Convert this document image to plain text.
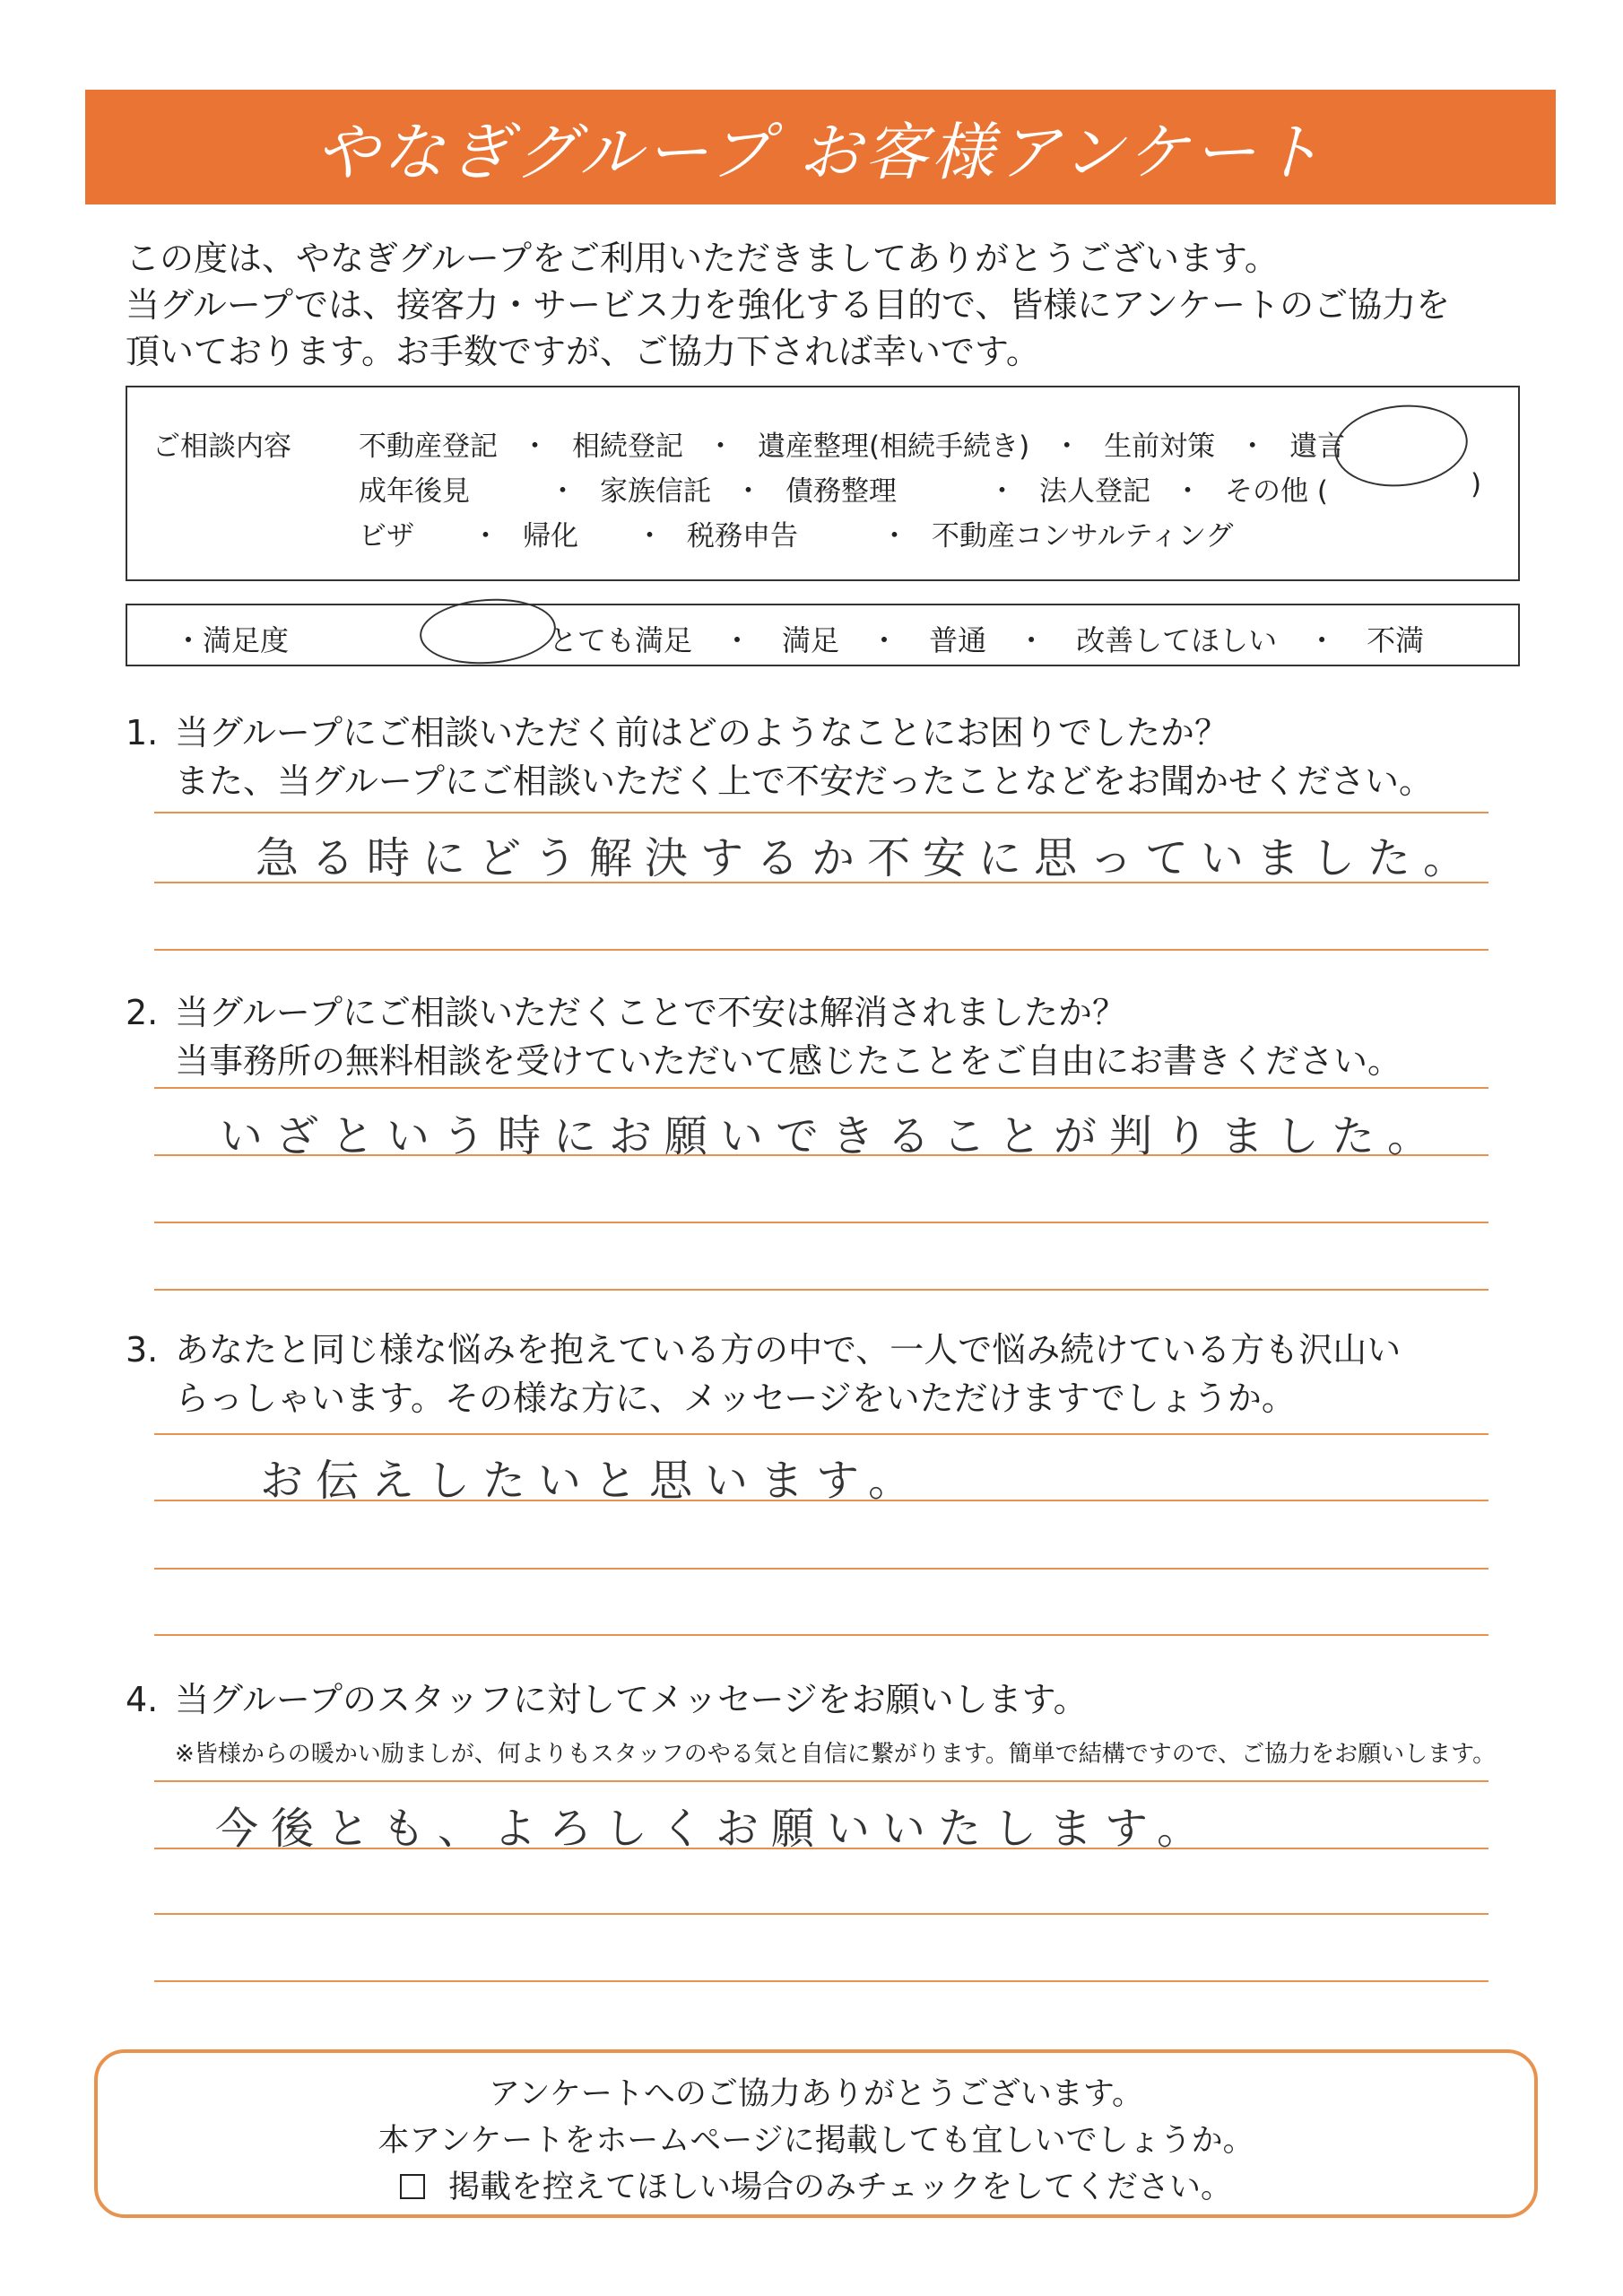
やなぎグループ お客様アンケート
この度は、やなぎグループをご利用いただきましてありがとうございます。
当グループでは、接客力・サービス力を強化する目的で、皆様にアンケートのご協力を
頂いております。お手数ですが、ご協力下されば幸いです。
ご相談内容 不動産登記 ・ 相続登記 ・ 遺産整理(相続手続き) ・ 生前対策 ・ 遺言
成年後見	・ 家族信託 ・ 債務整理	・ 法人登記 ・ その他 (	)
ビザ ・ 帰化 ・ 税務申告	・ 不動産コンサルティング
・満足度	とても満足 ・ 満足 ・ 普通 ・ 改善してほしい ・ 不満
1. 当グループにご相談いただく前はどのようなことにお困りでしたか？
また、当グループにご相談いただく上で不安だったことなどをお聞かせください。
急る時にどう解決するか不安に思っていました。
2. 当グループにご相談いただくことで不安は解消されましたか？
当事務所の無料相談を受けていただいて感じたことをご自由にお書きください。
いざという時にお願いできることが判りました。
3. あなたと同じ様な悩みを抱えている方の中で、一人で悩み続けている方も沢山い
らっしゃいます。その様な方に、メッセージをいただけますでしょうか。
お伝えしたいと思います。
4. 当グループのスタッフに対してメッセージをお願いします。
※皆様からの暖かい励ましが、何よりもスタッフのやる気と自信に繋がります。簡単で結構ですので、ご協力をお願いします。
今後とも、よろしくお願いいたします。
アンケートへのご協力ありがとうございます。
本アンケートをホームページに掲載しても宜しいでしょうか。
掲載を控えてほしい場合のみチェックをしてください。
